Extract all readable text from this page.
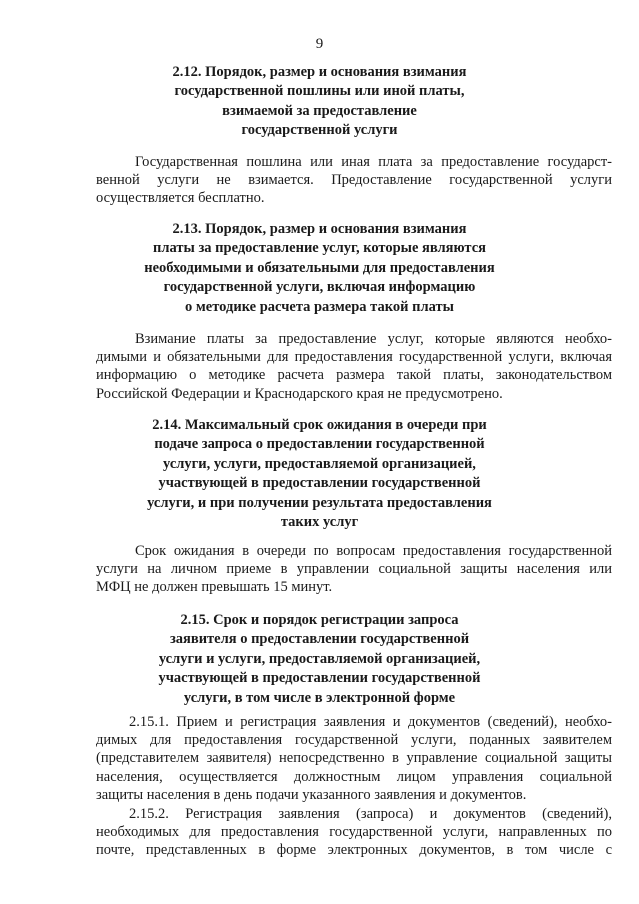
9
2.12. Порядок, размер и основания взимания
государственной пошлины или иной платы,
взимаемой за предоставление
государственной услуги
Государственная пошлина или иная плата за предоставление государст-
венной услуги не взимается. Предоставление государственной услуги
осуществляется бесплатно.
2.13. Порядок, размер и основания взимания
платы за предоставление услуг, которые являются
необходимыми и обязательными для предоставления
государственной услуги, включая информацию
о методике расчета размера такой платы
Взимание платы за предоставление услуг, которые являются необхо-
димыми и обязательными для предоставления государственной услуги, включая
информацию о методике расчета размера такой платы, законодательством
Российской Федерации и Краснодарского края не предусмотрено.
2.14. Максимальный срок ожидания в очереди при
подаче запроса о предоставлении государственной
услуги, услуги, предоставляемой организацией,
участвующей в предоставлении государственной
услуги, и при получении результата предоставления
таких услуг
Срок ожидания в очереди по вопросам предоставления государственной
услуги на личном приеме в управлении социальной защиты населения или
МФЦ не должен превышать 15 минут.
2.15. Срок и порядок регистрации запроса
заявителя о предоставлении государственной
услуги и услуги, предоставляемой организацией,
участвующей в предоставлении государственной
услуги, в том числе в электронной форме
2.15.1. Прием и регистрация заявления и документов (сведений), необхо-
димых для предоставления государственной услуги, поданных заявителем
(представителем заявителя) непосредственно в управление социальной защиты
населения, осуществляется должностным лицом управления социальной
защиты населения в день подачи указанного заявления и документов.
2.15.2. Регистрация заявления (запроса) и документов (сведений),
необходимых для предоставления государственной услуги, направленных по
почте, представленных в форме электронных документов, в том числе с
